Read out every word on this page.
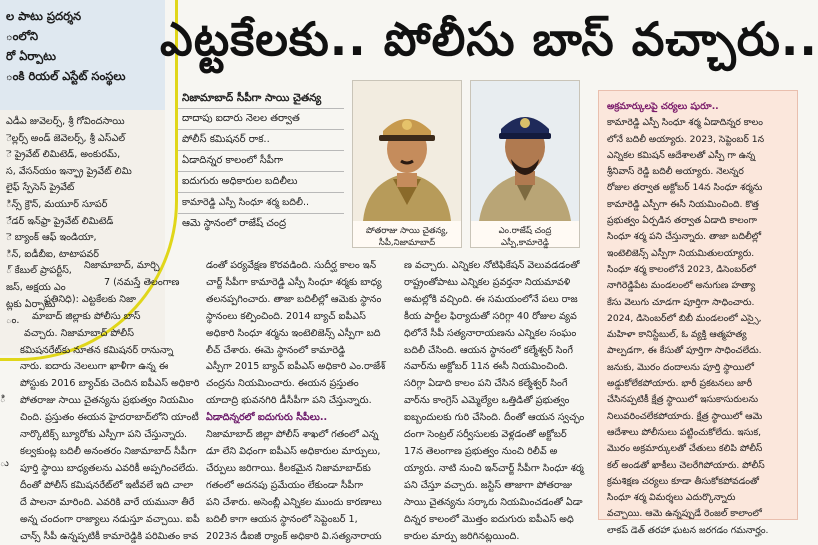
ల పాటు ప్రదర్శన
ంలోని
రో ఏర్పాటు
ంకి రియల్ ఎస్టేట్ సంస్థలు
ఎడీఎ జువెలర్స్, శ్రీ గోవిందసాయి
ెల్లర్స్ అండ్ జెవెలర్స్, శ్రీ ఎస్‌ఎల్
ె ప్రైవేట్ లిమిటెడ్, అంకురమ్,
స, వేసన్‌యం ఇన్ఫ్రా ప్రైవేట్ లిమి
లైఫ్ స్పేసెస్ ప్రైవేట్
ిన్స్ క్రౌన్, మయూర్ సూపర్
ేడర్ ఇన్‌ఫ్రా ప్రైవేట్ లిమిటెడ్
ె బ్యాంక్ ఆఫ్ ఇండియా,
ిన్, ఐడీబీఐ, టాటాపవర్
్ కేబుల్ ప్రాపర్టీస్,
జస్, అక్షయ ఎం
ట్లకు ఏర్పాటు
ం.
ి
ు
ఎట్టకేలకు.. పోలీసు బాస్ వచ్చారు..
నిజామాబాద్ సీపీగా సాయి చైతన్య
దాదాపు ఐదారు నెలల తర్వాత
పోలీస్ కమిషనర్ రాక..
ఏడాదిన్నర కాలంలో సీపీగా
ఐదుగురు అధికారుల బదిలీలు
కామారెడ్డి ఎస్పీ సింధూ శర్మ బదిలీ..
ఆమె స్థానంలో రాజేష్ చంద్ర
పోతరాజు సాయి చైతన్య,
సీపీ,నిజామాబాద్
ఎం.రాజేష్ చంద్ర
ఎస్పీ,కామారెడ్డి
అక్రమార్కులపై చర్యలు షురూ..
కామారెడ్డి ఎస్పీ సింధూ శర్మ ఏడాదిన్నర కాలం
లోనే బదిలీ అయ్యారు. 2023, సెప్టెంబర్ 1న
ఎన్నికల కమిషన్ ఆదేశాలతో ఎస్పీ గా ఉన్న
శ్రీనివాస్ రెడ్డి బదిలీ అయ్యారు. నెలన్నర
రోజుల తర్వాత అక్టోబర్ 14న సింధూ శర్మను
కామారెడ్డి ఎస్పీగా ఈసీ నియమించింది. కొత్త
ప్రభుత్వం ఏర్పడిన తర్వాత ఏడాది కాలంగా
సింధూ శర్మ పని చేస్తున్నారు. తాజా బదిలీల్లో
ఇంటెలిజెన్స్ ఎస్పీగా నియమితులయ్యారు.
సింధూ శర్మ కాలంలోనే 2023, డిసెంబర్‌లో
నాగిరెడ్డిపేట మండలంలో అనుగుణ హత్యా
కేసు వెలుగు చూడగా పూర్తిగా సాధించారు.
2024, డిసెంబర్‌లో బిబీ మండలంలో ఎస్సై,
మహిళా కానిస్టేబుల్, ఓ వ్యక్తి ఆత్మహత్య
పాల్పడగా, ఈ కేసుతో పూర్తిగా సాధించలేదు.
జనుకు, మొరం దందాలను పూర్తి స్థాయిలో
అడ్డుకోలేకపోయారు. భారీ ప్రకటనలు జారీ
చేసినప్పటికీ క్షేత్ర స్థాయిలో ఇసుకాసురులను
నిలువరించలేకపోయారు. క్షేత్ర స్థాయిలో ఆమె
ఆదేశాలు పోలీసులు పట్టించుకోలేదు. ఇసుక,
మొరం అక్రమార్కులతో చేతులు కలిపి పోలీస్
కల్ అండతో ఖాకీలు చెలరేగిపోయారు. పోలీస్
క్రమశిక్షణ చర్యలు కూడా తీసుకోకపోవడంతో
సింధూ శర్మ విమర్శలు ఎదుర్కొన్నారు
వచ్చాయి. ఆమె ఉన్నప్పుడే రెంజల్ కాలాంలో
లాకప్ డెత్ తరహా ఘటన జరగడం గమనార్హం.
నిజామాబాద్, మార్చి
7 (నమస్తే తెలంగాణ
ప్రతినిధి): ఎట్టకేలకు నిజా
మాబాద్ జిల్లాకు పోలీసు బాస్
వచ్చారు. నిజామాబాద్ పోలీస్
కమిషనరేట్‌కు నూతన కమిషనర్ రానున్నా
నారు. ఐదారు నెలలుగా ఖాళీగా ఉన్న ఈ
పోస్టుకు 2016 బ్యాచ్‌కు చెందిన ఐపీఎస్ అధికారి
పోతరాజు సాయి చైతన్యను ప్రభుత్వం నియమిం
చింది. ప్రస్తుతం ఈయన హైదరాబాద్‌లోని యాంటీ
నార్కొటిక్స్ బ్యూరోకు ఎస్పీగా పని చేస్తున్నారు.
కల్వకుంట్ల బదిలీ అనంతరం నిజామాబాద్ సీపీగా
పూర్తి స్థాయి బాధ్యతలను ఎవరికీ అప్పగించలేదు.
దీంతో పోలీస్ కమిషనరేట్‌లో ఇటీవలే ఇది చాలా
దే పాలనా మారింది. ఎవరికి వారే యమునా తీరే
అన్న చందంగా రాజ్యాలు నడుస్తూ వచ్చాయి. ఐపీ
చాన్స్ సీపీ ఉన్నప్పటికీ కామారెడ్డికి పరిమితం కావ
డంతో పర్యవేక్షణ కొరవడింది. సుదీర్ఘ కాలం ఇన్
చార్జ్ సీపీగా కామారెడ్డి ఎస్పీ సింధూ శర్మకు బాధ్య
తలనప్పగించారు. తాజా బదిలీల్లో ఆమెకు స్థానం
స్థానంలు కల్పించింది. 2014 బ్యాచ్ ఐపీఎస్
అధికారి సింధూ శర్మను ఇంటెలిజెన్స్ ఎస్పీగా బది
లీచ్ చేశారు. ఈమె స్థానంలో కామారెడ్డి
ఎస్పీగా 2015 బ్యాచ్ ఐపీఎస్ అధికారి ఎం.రాజేశ్
చంద్రను నియమించారు. ఈయన ప్రస్తుతం
యాదాద్రి భువనగిరి డీసీపీగా పని చేస్తున్నారు.
ఏడాదిన్నరలో ఐదుగురు సీపీలు..
నిజామాబాద్ జిల్లా పోలీస్ శాఖలో గతంలో ఎన్న
డూ లేని విధంగా ఐపీఎస్ అధికారుల మార్పులు,
చేర్పులు జరిగాయి. కీలకమైన నిజామాబాద్‌కు
గతంలో అదనపు ప్రమేయం లేకుండా సీపీగా
పని చేశారు. అసెంబ్లీ ఎన్నికల ముందు కారణాలు
బదిలీ కాగా ఆయన స్థానంలో సెప్టెంబర్ 1,
2023న డీఐజీ ర్యాంక్ అధికారి వి.సత్యనారాయ
ణ వచ్చారు. ఎన్నికల నోటిఫికేషన్ వెలువడడంతో
రాష్ట్రంతోపాటు ఎన్నికల ప్రవర్తనా నియమావళి
అమల్లోకి వచ్చింది. ఈ సమయంలోనే పలు రాజ
కీయ పార్టీల ఫిర్యాదుతో సరిగ్గా 40 రోజుల వ్యవ
ధిలోనే సీపీ సత్యనారాయణను ఎన్నికల సంఘం
బదిలీ చేసింది. ఆయన స్థానంలో కల్మేశ్వర్ సింగే
నవార్‌ను అక్టోబర్ 11న ఈసీ నియమించింది.
సరిగ్గా ఏడాది కాలం పని చేసిన కల్మేశ్వర్ సింగే
వార్‌ను కాంగ్రెస్ ఎమ్మెల్యేల ఒత్తిడితో ప్రభుత్వం
ఐబ్బందులకు గురి చేసింది. దీంతో ఆయన స్వచ్ఛం
దంగా సెంట్రల్ సర్వీసులకు వెళ్లడంతో అక్టోబర్
17న తెలంగాణ ప్రభుత్వం నుంచి రిలీవ్ అ
య్యారు. నాటి నుంచి ఇన్‌చార్జ్ సీపీగా సింధూ శర్మ
పని చేస్తూ వచ్చారు. జస్టిస్ తాజాగా పోతరాజు
సాయి చైతన్యను సర్కారు నియమించడంతో ఏడా
దిన్నర కాలంలో మొత్తం ఐదుగురు ఐపీఎస్ అధి
కారుల మార్పు జరిగినట్లయింది.
